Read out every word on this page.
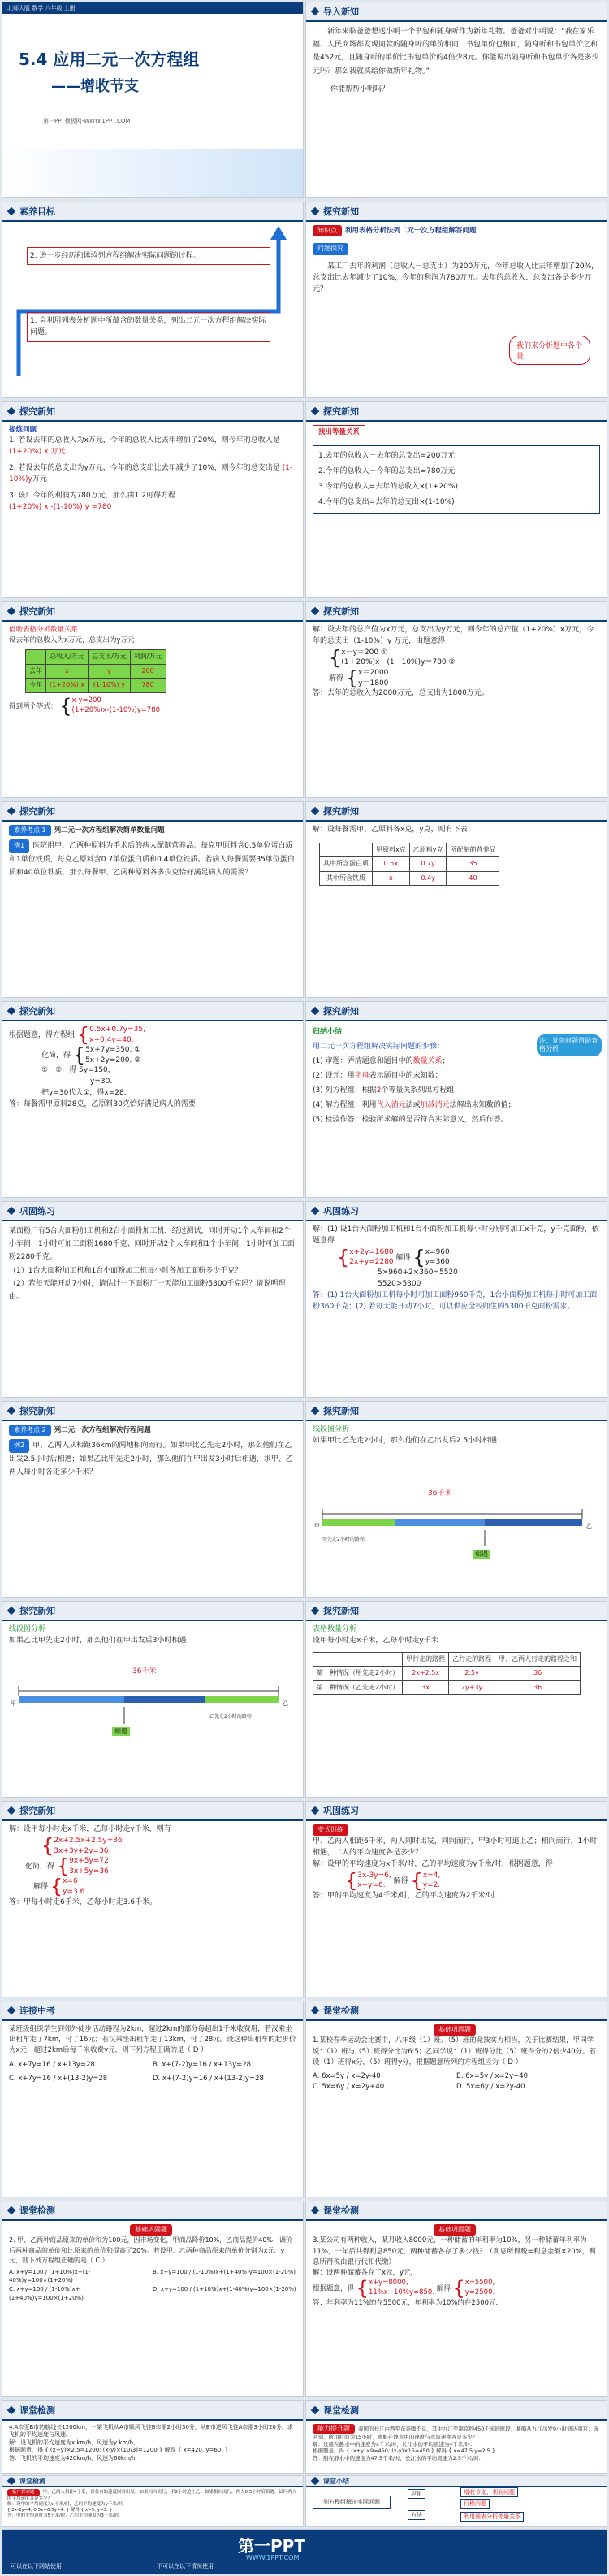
北师大版 数学 八年级 上册
5.4 应用二元一次方程组
——增收节支
第一PPT模板网-WWW.1PPT.COM
导入新知
新年来临爸爸想送小明一个书包和随身听作为新年礼物。爸爸对小明说：“我在家乐福、人民商场都发现同款的随身听的单价相同，书包单价也相同，随身听和书包单价之和是452元，且随身听的单价比书包单价的4倍少8元。你能说出随身听和书包单价各是多少元吗？那么我就买给你做新年礼物。”
你能帮帮小明吗？
素养目标
2. 进一步经历和体验列方程组解决实际问题的过程。
1. 会利用列表分析题中所蕴含的数量关系，列出二元一次方程组解决实际问题。
探究新知
知识点 利用表格分析法列二元一次方程组解答问题
问题探究
某工厂去年的利润（总收入－总支出）为200万元，今年总收入比去年增加了20%，总支出比去年减少了10%，今年的利润为780万元。去年的总收入、总支出各是多少万元？
我们来分析题中各个量
探究新知
提炼问题
1. 若设去年的总收入为x万元，今年的总收入比去年增加了20%，则今年的总收入是 (1+20%) x 万元
2. 若设去年的总支出为y万元，今年的总支出比去年减少了10%，则今年的总支出是 (1-10%)y万元
3. 该厂今年的利润为780万元，那么由1,2可得方程
(1+20%) x -(1-10%) y =780
探究新知
找出等量关系
1.去年的总收入－去年的总支出=200万元
2.今年的总收入－今年的总支出=780万元
3.今年的总收入=去年的总收入×(1+20%)
4.今年的总支出=去年的总支出×(1-10%)
探究新知
借助表格分析数量关系
设去年的总收入为x万元，总支出为y万元
	总收入/万元	总支出/万元	利润/万元
去年	x	y	200
今年	(1+20%) x	(1-10%) y	780
得到两个等式： {x-y=200
(1+20%)x-(1-10%)y=780
探究新知
解：设去年的总产值为x万元，总支出为y万元，则今年的总产值（1+20%）x万元，今年的总支出（1-10%）y 万元，由题意得
{x－y＝200 ①
(1＋20%)x－(1－10%)y＝780 ②
解得 {x＝2000
y＝1800
答：去年的总收入为2000万元，总支出为1800万元。
探究新知
素养考点 1 列二元一次方程组解决简单数量问题
例1 医院用甲、乙两种原料为手术后的病人配制营养品。每克甲原料含0.5单位蛋白质和1单位铁质，每克乙原料含0.7单位蛋白质和0.4单位铁质。若病人每餐需要35单位蛋白质和40单位铁质，那么每餐甲、乙两种原料各多少克恰好满足病人的需要？
探究新知
解：设每餐需甲、乙原料各x克，y克，则有下表：
	甲原料x克	乙原料y克	所配制的营养品
其中所含蛋白质	0.5x	0.7y	35
其中所含铁质	x	0.4y	40
探究新知
根据题意，得方程组 {0.5x+0.7y=35,
x+0.4y=40.
化简，得 {5x+7y=350, ①
5x+2y=200. ②
①－②，得 5y=150，
y=30.
把y=30代入①，得x=28.
答：每餐需甲原料28克，乙原料30克恰好满足病人的需要.
探究新知
归纳小结
用二元一次方程组解决实际问题的步骤：
注：复杂问题借助表格分析
(1) 审题：弄清题意和题目中的数量关系；
(2) 设元：用字母表示题目中的未知数；
(3) 列方程组：根据2个等量关系列出方程组；
(4) 解方程组：利用代入消元法或加减消元法解出未知数的值；
(5) 检验作答：检验所求解的是否符合实际意义，然后作答。
巩固练习
某面粉厂有5台大面粉加工机和2台小面粉加工机，经过测试，同时开动1个大车间和2个小车间，1小时可加工面粉1680千克；同时开动2个大车间和1个小车间，1小时可加工面粉2280千克。
（1）1台大面粉加工机和1台小面粉加工机每小时各加工面粉多少千克？
（2）若每天能开动7小时，请估计一下面粉厂一天能加工面粉5300千克吗？请说明理由。
巩固练习
解：(1) 设1台大面粉加工机和1台小面粉加工机每小时分别可加工x千克，y千克面粉，依题意得
{x+2y=1680
2x+y=2280 解得 {x=960
y=360
5×960+2×360=5520
5520>5300
答：(1) 1台大面粉加工机每小时可加工面粉960千克，1台小面粉加工机每小时可加工面粉360千克；(2) 若每天能开动7小时，可以供应全校师生的5300千克面粉需求。
探究新知
素养考点 2 列二元一次方程组解决行程问题
例2 甲、乙两人从相距36km的两地相向而行。如果甲比乙先走2小时，那么他们在乙出发2.5小时后相遇；如果乙比甲先走2小时，那么他们在甲出发3小时后相遇，求甲、乙两人每小时各走多少千米？
探究新知
线段图分析
如果甲比乙先走2小时，那么他们在乙出发后2.5小时相遇
36千米
甲	乙
甲先走2小时的路程	甲2.5小时的路程	乙走2.5小时的路程
相遇
探究新知
线段图分析
如果乙比甲先走2小时，那么他们在甲出发后3小时相遇
36千米
甲	乙
甲走3小时的路程	乙走3小时的路程	乙先走2小时的路程
相遇
探究新知
表格数量分析
设甲每小时走x千米，乙每小时走y千米
	甲行走的路程	乙行走的路程	甲、乙两人行走的路程之和
第一种情况（甲先走2小时）	2x+2.5x	2.5y	36
第二种情况（乙先走2小时）	3x	2y+3y	36
探究新知
解：设甲每小时走x千米，乙每小时走y千米，则有
{2x+2.5x+2.5y=36
3x+3y+2y=36
化简，得 {9x+5y=72
3x+5y=36
解得 {x=6
y=3.6
答：甲每小时走6千米，乙每小时走3.6千米。
巩固练习
变式训练
甲、乙两人相距6千米，两人同时出发，同向而行，甲3小时可追上乙；相向而行，1小时相遇，二人的平均速度各是多少？
解：设甲的平均速度为x千米/时，乙的平均速度为y千米/时，根据题意，得
{3x-3y=6,
x+y=6. 解得 {x=4,
y=2.
答：甲的平均速度为4千米/时，乙的平均速度为2千米/时.
连接中考
某班级组织学生到郊外徒步活动路程为2km，超过2km的部分每超出1千米收费用，若汉乘坐出租车走了7km，付了16元；若汉乘坐出租车走了13km，付了28元。设这种出租车的起步价为x元，超过2km后每千米收费y元，则下列方程正确的是（ D ）
A. x+7y=16 / x+13y=28	B. x+(7-2)y=16 / x+13y=28
C. x+7y=16 / x+(13-2)y=28	D. x+(7-2)y=16 / x+(13-2)y=28
课堂检测
基础巩固题
1.某校春季运动会比赛中，八年级（1）班、（5）班的竞技实力相当，关于比赛结果，甲同学说：（1）班与（5）班得分比为6:5；乙同学说：（1）班得分比（5）班得分的2倍少40分。若设（1）班得x分，（5）班得y分，根据题意所列的方程组应为（ D ）
A. 6x=5y / x=2y-40	B. 6x=5y / x=2y+40
C. 5x=6y / x=2y+40	D. 5x=6y / x=2y-40
课堂检测
基础巩固题
2. 甲、乙两种商品原来的单价和为100元，因市场变化，甲商品降价10%，乙商品提价40%，调价后两种商品的单价和比原来的单价和提高了20%。若设甲、乙两种商品原来的单价分别为x元、y元，则下列方程组正确的是（ C ）
A. x+y=100 / (1+10%)x+(1-40%)y=100×(1+20%)
B. x+y=100 / (1-10%)x+(1+40%)y=100×(1-20%)
C. x+y=100 / (1-10%)x+(1+40%)y=100×(1+20%)
D. x+y=100 / (1+10%)x+(1-40%)y=100×(1-20%)
课堂检测
基础巩固题
3.某公司有两种收入，某月收入8000元，一种储蓄的年利率为10%，另一种储蓄年利率为11%，一年后共得利息850元，两种储蓄各存了多少钱？（利息所得税=利息金额×20%，利息所得税由银行代扣代缴）
解：设两种储蓄各存了x元，y元，
根据题意，得 {x+y=8000,
11%x+10%y=850. 解得 {x=5500,
y=2500.
答：年利率为11%的存5500元，年利率为10%的存2500元.
课堂检测
4.A市至B市的航线长1200km，一架飞机从A市顺风飞往B市需2小时30分，从B市逆风飞往A市需3小时20分。求飞机的平均速度与风速。
解：设飞机的平均速度为x km/h，风速为y km/h，
根据题意，得 { (x+y)×2.5=1200; (x-y)×(10/3)=1200 } 解得 { x=420, y=60. }
答：飞机的平均速度为420km/h，风速为60km/h.
课堂检测
能力提升题 我国的长江由西至东奔腾不息，其中九江至南京约450千米的航段，某船从九江出发9小时到达南京；该时刻，所用时间为15小时，求船在静水中的速度与水流速度各是多少？
解：设船在静水中的速度为x千米/时，长江水的平均流速为y千米/时.
根据题意，得 { (x+y)×9=450; (x-y)×15=450 } 解得 { x=47.5 y=2.5 }
答：船在静水中的速度为47.5千米/时，长江水的平均流速为2.5千米/时.
课堂检测
拓广探索题 甲、乙两人相距4千米，以各自的速度同时出发。如果同向而行，甲2小时追上乙；如果相向而行，两人0.5小时后相遇。试问两人的平均速度各是多少？
解：设甲的平均速度为x千米/时，乙的平均速度为y千米/时。
{ 2x-2y=4, 0.5x+0.5y=4. } 解得 { x=5, y=3. }
答：甲的平均速度为5千米/时，乙的平均速度为3千米/时。
课堂小结
列方程组解决实际问题
应用
方法
增收节支、利润问题
行程问题
利用图表分析等量关系
第一PPT
WWW.1PPT.COM
可以在以下网站使用	不可以在以下情况使用
